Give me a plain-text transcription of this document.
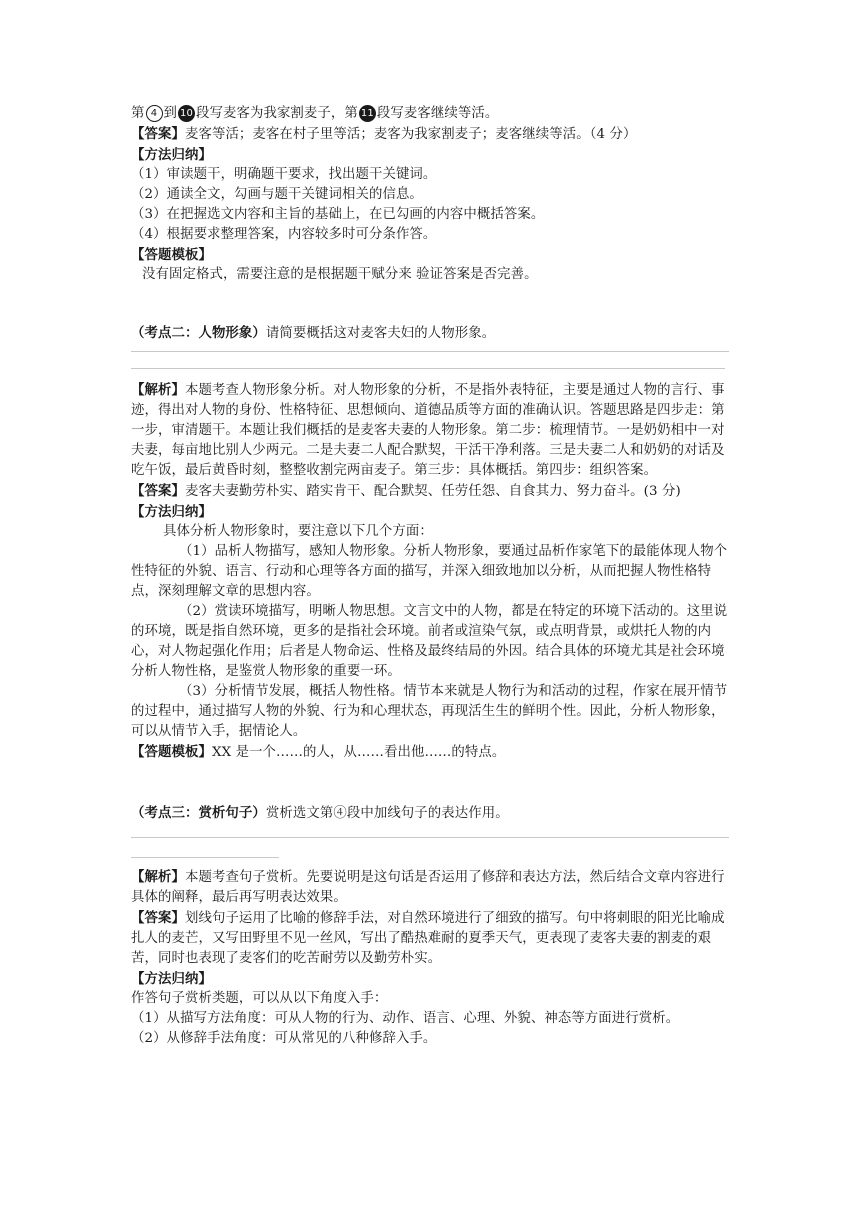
第 4 到 10 段写麦客为我家割麦子，第 11 段写麦客继续等活。

【答案】麦客等活；麦客在村子里等活；麦客为我家割麦子；麦客继续等活。（4 分）

【方法归纳】

（1）审读题干，明确题干要求，找出题干关键词。

（2）通读全文，勾画与题干关键词相关的信息。

（3）在把握选文内容和主旨的基础上，在已勾画的内容中概括答案。

（4）根据要求整理答案，内容较多时可分条作答。

【答题模板】

没有固定格式，需要注意的是根据题干赋分来 验证答案是否完善。

（考点二：人物形象）请简要概括这对麦客夫妇的人物形象。

【解析】本题考查人物形象分析。对人物形象的分析，不是指外表特征，主要是通过人物的言行、事迹，得出对人物的身份、性格特征、思想倾向、道德品质等方面的准确认识。答题思路是四步走：第一步，审清题干。本题让我们概括的是麦客夫妻的人物形象。第二步：梳理情节。一是奶奶相中一对夫妻，每亩地比别人少两元。二是夫妻二人配合默契，干活干净利落。三是夫妻二人和奶奶的对话及吃午饭，最后黄昏时刻，整整收割完两亩麦子。第三步：具体概括。第四步：组织答案。

【答案】麦客夫妻勤劳朴实、踏实肯干、配合默契、任劳任怨、自食其力、努力奋斗。(3 分)

【方法归纳】

具体分析人物形象时，要注意以下几个方面：

（1）品析人物描写，感知人物形象。分析人物形象，要通过品析作家笔下的最能体现人物个性特征的外貌、语言、行动和心理等各方面的描写，并深入细致地加以分析，从而把握人物性格特点，深刻理解文章的思想内容。

（2）赏读环境描写，明晰人物思想。文言文中的人物，都是在特定的环境下活动的。这里说的环境，既是指自然环境，更多的是指社会环境。前者或渲染气氛，或点明背景，或烘托人物的内心，对人物起强化作用；后者是人物命运、性格及最终结局的外因。结合具体的环境尤其是社会环境分析人物性格，是鉴赏人物形象的重要一环。

（3）分析情节发展，概括人物性格。情节本来就是人物行为和活动的过程，作家在展开情节的过程中，通过描写人物的外貌、行为和心理状态，再现活生生的鲜明个性。因此，分析人物形象，可以从情节入手，据情论人。

【答题模板】XX 是一个……的人，从……看出他……的特点。

（考点三：赏析句子）赏析选文第④段中加线句子的表达作用。

【解析】本题考查句子赏析。先要说明是这句话是否运用了修辞和表达方法，然后结合文章内容进行具体的阐释，最后再写明表达效果。

【答案】划线句子运用了比喻的修辞手法，对自然环境进行了细致的描写。句中将刺眼的阳光比喻成扎人的麦芒，又写田野里不见一丝风，写出了酷热难耐的夏季天气，更表现了麦客夫妻的割麦的艰苦，同时也表现了麦客们的吃苦耐劳以及勤劳朴实。

【方法归纳】

作答句子赏析类题，可以从以下角度入手：

（1）从描写方法角度：可从人物的行为、动作、语言、心理、外貌、神态等方面进行赏析。

（2）从修辞手法角度：可从常见的八种修辞入手。
